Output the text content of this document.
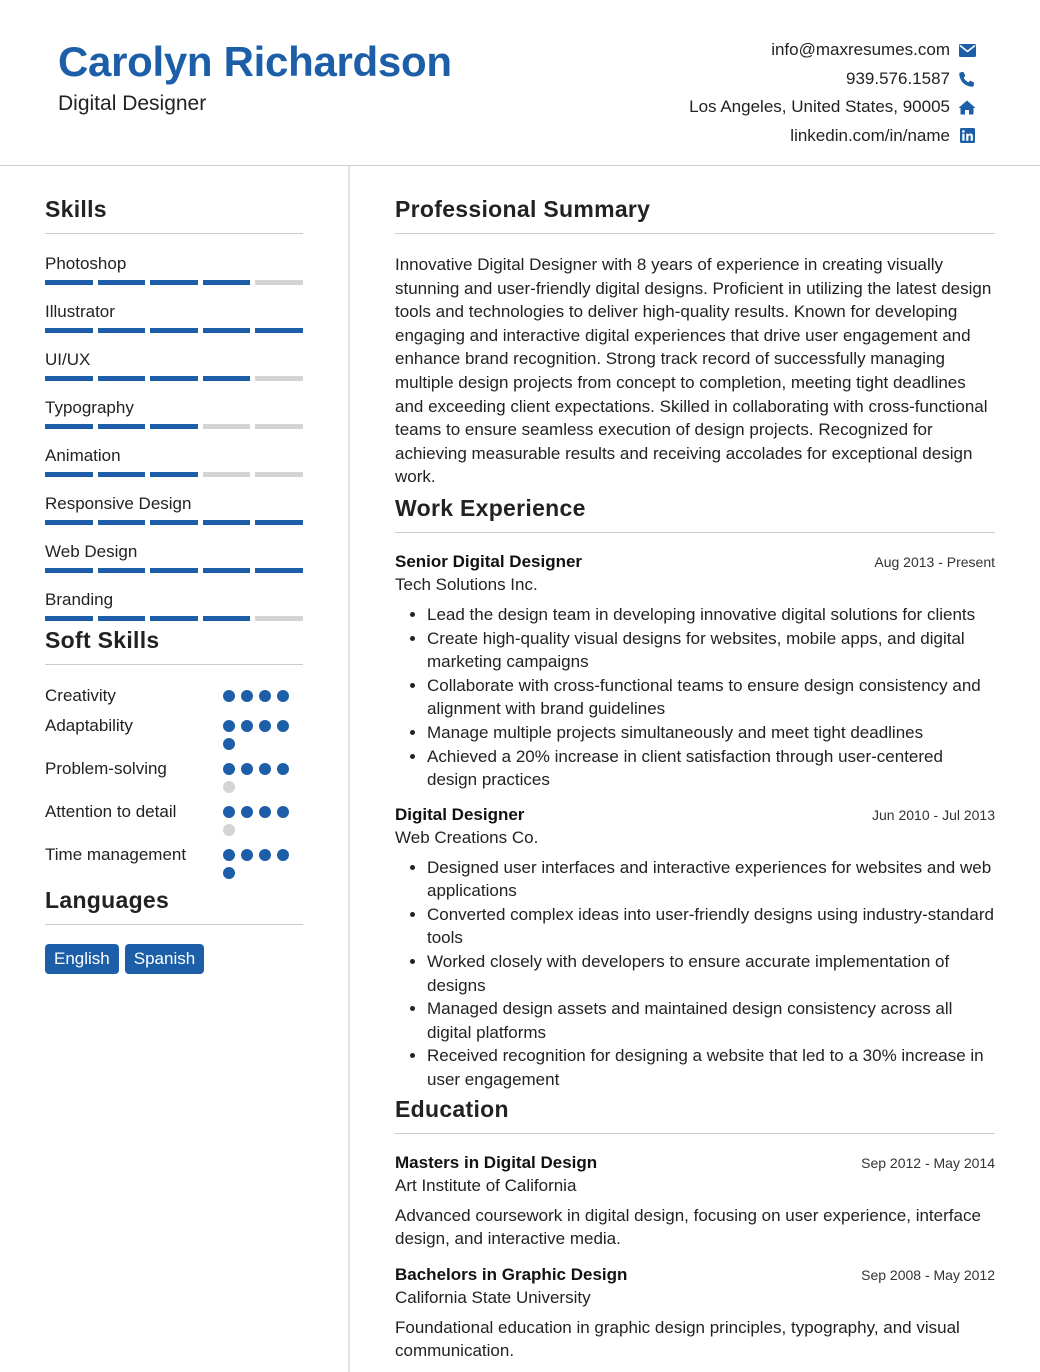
Carolyn Richardson
Digital Designer
info@maxresumes.com
939.576.1587
Los Angeles, United States, 90005
linkedin.com/in/name
Skills
Photoshop
Illustrator
UI/UX
Typography
Animation
Responsive Design
Web Design
Branding
Soft Skills
Creativity
Adaptability
Problem-solving
Attention to detail
Time management
Languages
English	Spanish
Professional Summary
Innovative Digital Designer with 8 years of experience in creating visually stunning and user-friendly digital designs. Proficient in utilizing the latest design tools and technologies to deliver high-quality results. Known for developing engaging and interactive digital experiences that drive user engagement and enhance brand recognition. Strong track record of successfully managing multiple design projects from concept to completion, meeting tight deadlines and exceeding client expectations. Skilled in collaborating with cross-functional teams to ensure seamless execution of design projects. Recognized for achieving measurable results and receiving accolades for exceptional design work.
Work Experience
Senior Digital Designer	Aug 2013 - Present
Tech Solutions Inc.
• Lead the design team in developing innovative digital solutions for clients
• Create high-quality visual designs for websites, mobile apps, and digital marketing campaigns
• Collaborate with cross-functional teams to ensure design consistency and alignment with brand guidelines
• Manage multiple projects simultaneously and meet tight deadlines
• Achieved a 20% increase in client satisfaction through user-centered design practices
Digital Designer	Jun 2010 - Jul 2013
Web Creations Co.
• Designed user interfaces and interactive experiences for websites and web applications
• Converted complex ideas into user-friendly designs using industry-standard tools
• Worked closely with developers to ensure accurate implementation of designs
• Managed design assets and maintained design consistency across all digital platforms
• Received recognition for designing a website that led to a 30% increase in user engagement
Education
Masters in Digital Design	Sep 2012 - May 2014
Art Institute of California
Advanced coursework in digital design, focusing on user experience, interface design, and interactive media.
Bachelors in Graphic Design	Sep 2008 - May 2012
California State University
Foundational education in graphic design principles, typography, and visual communication.
